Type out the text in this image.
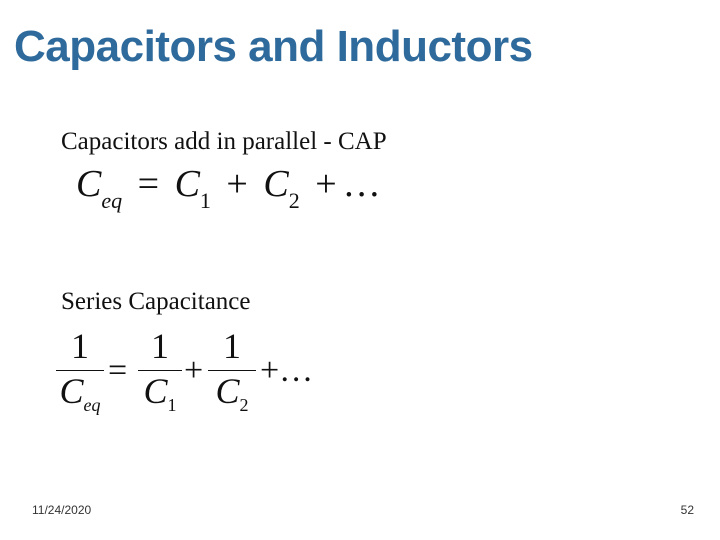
Capacitors and Inductors
Capacitors add in parallel - CAP
$C_{eq} = C_1 + C_2$ + …
Series Capacitance
1
$C_{eq}$
=
1
$C_1$
+
1
$C_2$
+…
11/24/2020	52
